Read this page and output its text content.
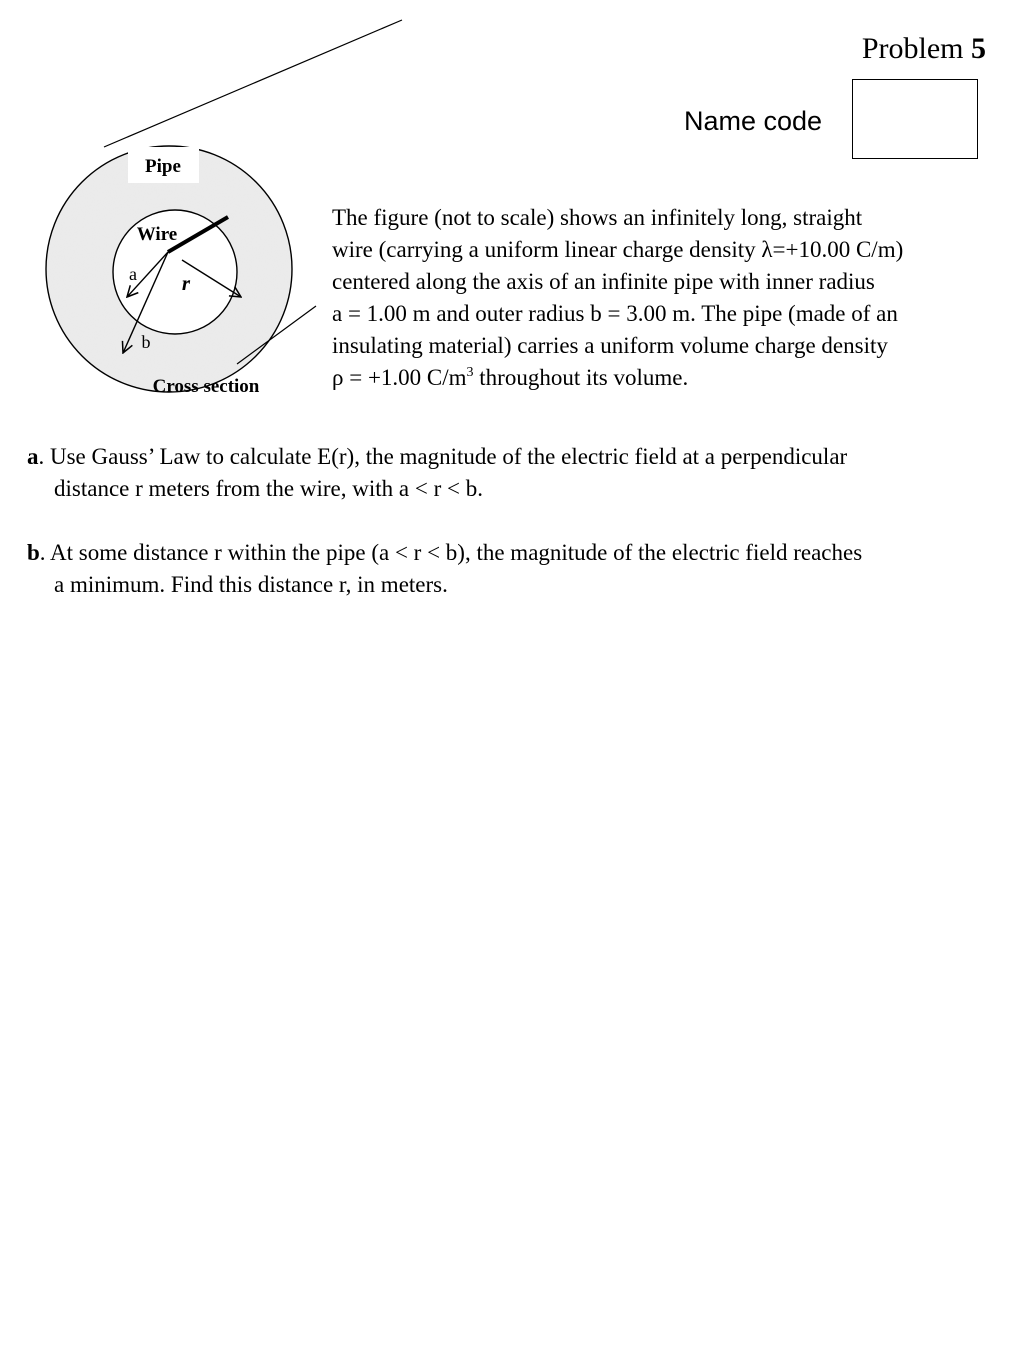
Problem 5
Name code
Pipe
Wire
a
b
r
Cross section

The figure (not to scale) shows an infinitely long, straight
wire (carrying a uniform linear charge density λ=+10.00 C/m)
centered along the axis of an infinite pipe with inner radius
a = 1.00 m and outer radius b = 3.00 m. The pipe (made of an
insulating material) carries a uniform volume charge density
ρ = +1.00 $C/m^3$ throughout its volume.

a. Use Gauss’ Law to calculate E(r), the magnitude of the electric field at a perpendicular
distance r meters from the wire, with a < r < b.
b. At some distance r within the pipe (a < r < b), the magnitude of the electric field reaches
a minimum. Find this distance r, in meters.
